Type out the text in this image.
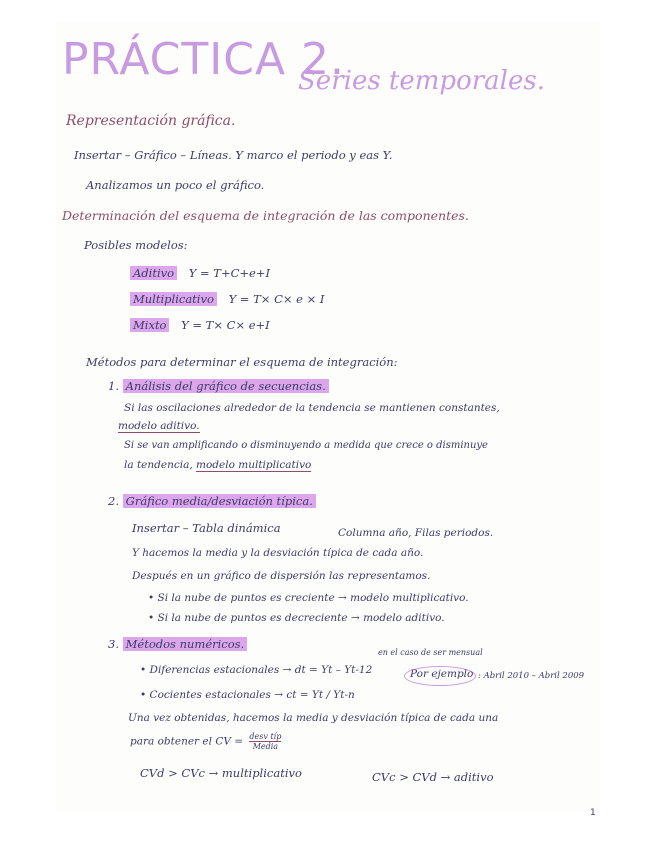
PRÁCTICA 2.
Series temporales.
Representación gráfica.
Insertar – Gráfico – Líneas. Y marco el periodo y eas Y.
Analizamos un poco el gráfico.
Determinación del esquema de integración de las componentes.
Posibles modelos:
Aditivo Y = T+C+e+I
Multiplicativo Y = T× C× e × I
Mixto Y = T× C× e+I
Métodos para determinar el esquema de integración:
1. Análisis del gráfico de secuencias.
Si las oscilaciones alrededor de la tendencia se mantienen constantes,
modelo aditivo.
Si se van amplificando o disminuyendo a medida que crece o disminuye
la tendencia, modelo multiplicativo
2. Gráfico media/desviación típica.
Insertar – Tabla dinámica	Columna año, Filas periodos.
Y hacemos la media y la desviación típica de cada año.
Después en un gráfico de dispersión las representamos.
• Si la nube de puntos es creciente → modelo multiplicativo.
• Si la nube de puntos es decreciente → modelo aditivo.
3. Métodos numéricos.
en el caso de ser mensual
• Diferencias estacionales → dt = Yt – Yt-12	Por ejemplo : Abril 2010 – Abril 2009
• Cocientes estacionales → ct = Yt / Yt-n
Una vez obtenidas, hacemos la media y desviación típica de cada una
para obtener el CV = desv típ
Media
CVd > CVc → multiplicativo	CVc > CVd → aditivo
1
